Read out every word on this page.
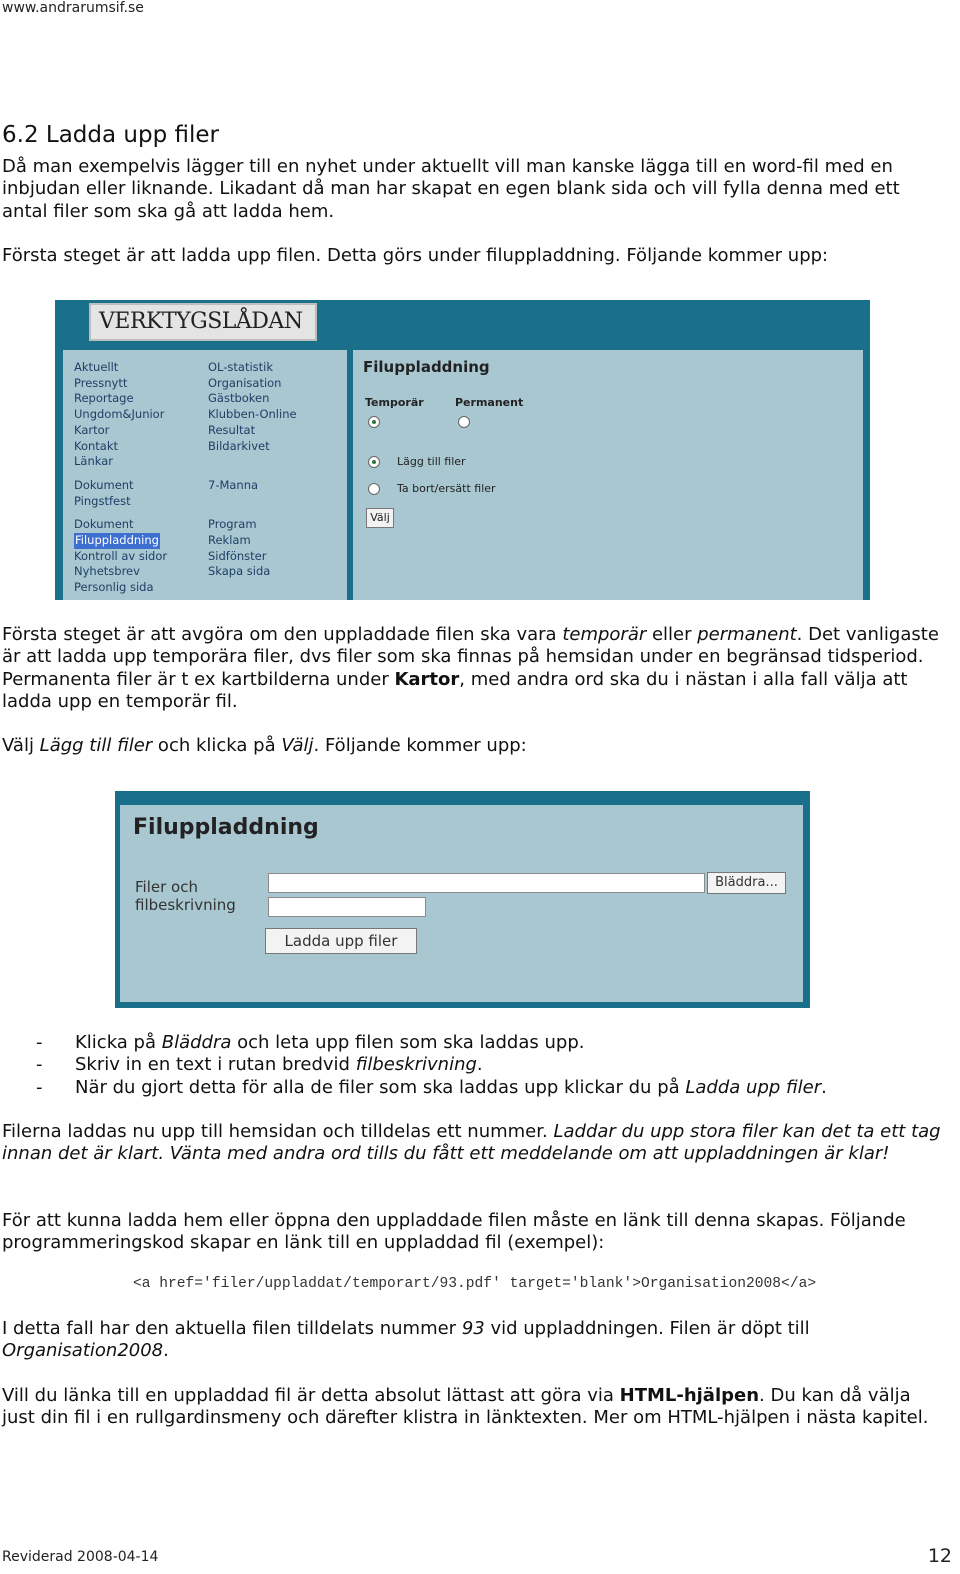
www.andrarumsif.se
6.2 Ladda upp filer
Då man exempelvis lägger till en nyhet under aktuellt vill man kanske lägga till en word-fil med en inbjudan eller liknande. Likadant då man har skapat en egen blank sida och vill fylla denna med ett antal filer som ska gå att ladda hem.
Första steget är att ladda upp filen. Detta görs under filuppladdning. Följande kommer upp:
VERKTYGSLÅDAN
Aktuellt
Pressnytt
Reportage
Ungdom&Junior
Kartor
Kontakt
Länkar
Dokument
Pingstfest
Dokument
Filuppladdning
Kontroll av sidor
Nyhetsbrev
Personlig sida
OL-statistik
Organisation
Gästboken
Klubben-Online
Resultat
Bildarkivet
7-Manna
Program
Reklam
Sidfönster
Skapa sida
Filuppladdning
Temporär	Permanent
Lägg till filer
Ta bort/ersätt filer
Välj
Första steget är att avgöra om den uppladdade filen ska vara temporär eller permanent. Det vanligaste är att ladda upp temporära filer, dvs filer som ska finnas på hemsidan under en begränsad tidsperiod. Permanenta filer är t ex kartbilderna under Kartor, med andra ord ska du i nästan i alla fall välja att ladda upp en temporär fil.
Välj Lägg till filer och klicka på Välj. Följande kommer upp:
Filuppladdning
Filer och
filbeskrivning
Bläddra...
Ladda upp filer
- Klicka på Bläddra och leta upp filen som ska laddas upp.
- Skriv in en text i rutan bredvid filbeskrivning.
- När du gjort detta för alla de filer som ska laddas upp klickar du på Ladda upp filer.
Filerna laddas nu upp till hemsidan och tilldelas ett nummer. Laddar du upp stora filer kan det ta ett tag innan det är klart. Vänta med andra ord tills du fått ett meddelande om att uppladdningen är klar!
För att kunna ladda hem eller öppna den uppladdade filen måste en länk till denna skapas. Följande programmeringskod skapar en länk till en uppladdad fil (exempel):
<a href='filer/uppladdat/temporart/93.pdf' target='blank'>Organisation2008</a>
I detta fall har den aktuella filen tilldelats nummer 93 vid uppladdningen. Filen är döpt till Organisation2008.
Vill du länka till en uppladdad fil är detta absolut lättast att göra via HTML-hjälpen. Du kan då välja just din fil i en rullgardinsmeny och därefter klistra in länktexten. Mer om HTML-hjälpen i nästa kapitel.
Reviderad 2008-04-14	12
